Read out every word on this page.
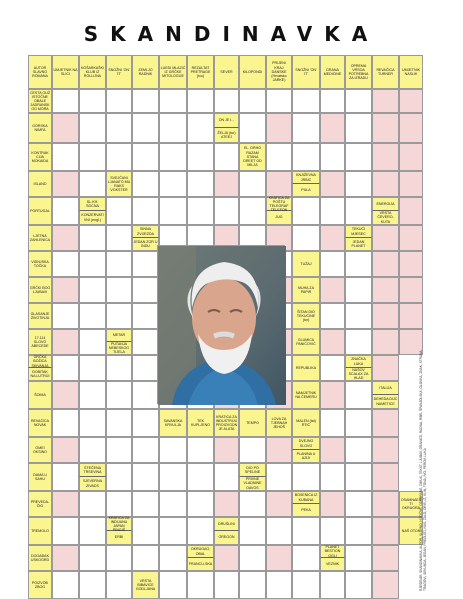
SKANDINAVKA
AUTOR SLAVNO ROMANA
UMJETNIK NA SLICI
KOŠARKAŠKI KLUB IZ ROLLIJNA
SNOŽNI 'ON' 'IT'
ZEMLJO RADNIK
LUEDI MLAZIĆ IZ GRČKE MITOLOGIJE
REZULTAT PRETRAGE (tvo)
SEVER	KILOPONDI
PRIJENI KRAJ DANSKE (Hrvatsko JARKE)
SNOŽNI 'ON' 'IT'
GRANA MEDICINE
OPREMA VRSOA POTREBNA ZA IZRADU
REVAČICA TURNER
UMJETNIK NASLIK
CESTA OUŽ ISTOČNE OBALE JADRANSKOG MORA
GORSKA NIMFA
ON JE I...
ŽELJA (tur) ATEEJ
KONTRAK CIJA MOKAIDA
EL. DRHO RAZAM STANA DREET OD MILJA
ISLAND
SVEJČANI LJANATO MU RAKS VOKSTER
KNJIŽEVNA JRBIC
PULA
PORTUGAL
SL.KH. SOCNA
KONZERVATIVNI (engl.)
KRATICA ZA POŠTU TELEGRAF
JUG
ENERGIJA
VRSTA ČEVERO-KUTA
LJETNA ZAHLENICA
SINNA ZVIJEZDA
JEDAN ZOR U INDU
TEKUĆI MJESEC
JEDAN PLANET
VIDNJSKA TOČKA
TUŽAJ
GRČKI BOG LJUBAVI
MUHA ZA PAPIR
GLASANJE ŽIVOTINJA
ŠITAN DIO TEKUĆINE (tur)
17.114 SLOVO ABECEDE
METAR
PUTANJA NEBESKOG TIJELA
GLUMICA PANIĆOVIĆ
GRČKA BOŽICA SKIVANJA
DOBITAK NA LUTRIJI
REPUBLIKA
ZNAČKA LUKA
NAŠOV SCALAX ZA HLAD
ŠOIMA
NAMJETNIK NA ČEMERU
ITALIJA
DEHEDA DIJC NAMETICE
REVAČICA NOVAK
SAVANSKA KRVULJA
TEK KUPLJENO
KRATICA ZA INDUSTRIJU PROIZVODNJE ALATA
TEMPO
LOVA ZA TJEBNAH JEHOŠ
MALEN (tal) RTIĆ
OMEI OKSINO
DVEJNO SLOVO
PLANINA U AZIJI
DAMA U SAHU
STEČENA TRSEVINA
SJEVERNA ZIVADS
DIO PO SPELINE
PRIVNE VLADNINE DAVOS
PREVEDA-ČIO
BOSENICA IZ KUBANA
PEKA
OSAMNAESTI OKRUGRA
TREMOLO
KRATICA ZA INDIJANU JAPAN
ERBI
DRUŠLINI
OREGON
NAŠ OTOK
DOGAĐAK USKOGRD
OKRUGAO, OBAL
FRANCU-SKA
PLANET BESTION OGLI
VEZNIK
POIZVOĐ ZBOG
VRSTA BIBAVICE GODLJANA	RJEŠENJE: SKANDINAVKA, AUTOR, SLAVNO, ISTOČNE, ODABRANE, ZIMUS, TEKST, LJUBAV, GRANICE, RADNA, RIBE, ŠPANJOLSKA, OLOVKA, ZNAK, STRANA, TRAGOVI, SEKUNDA, JEDAN, PREGLED, NAS, ŽALO, ORIS, IZ, KLIN, TONA, IVO, PEROV, LUKA
